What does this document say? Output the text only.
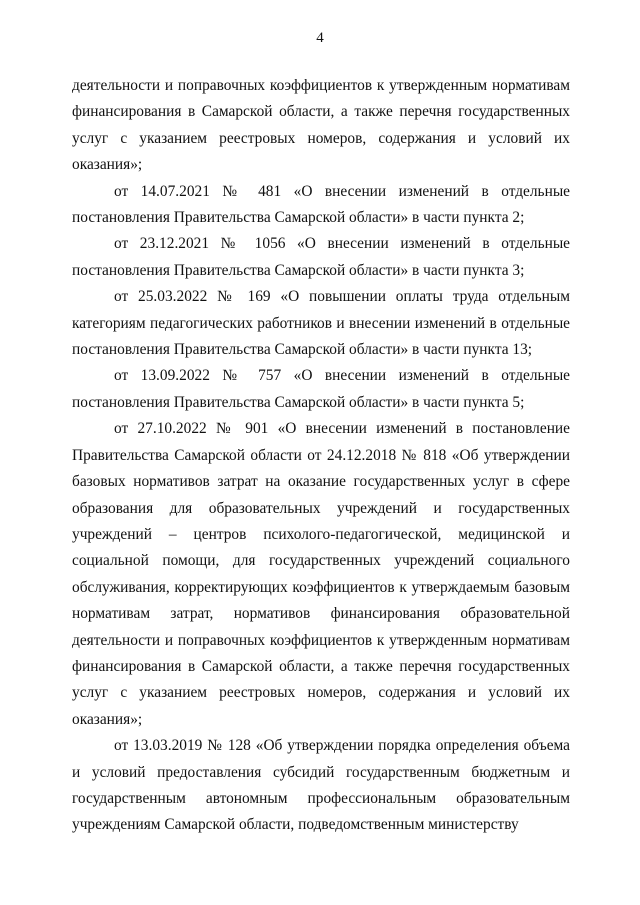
4

деятельности и поправочных коэффициентов к утвержденным нормативам финансирования в Самарской области, а также перечня государственных услуг с указанием реестровых номеров, содержания и условий их оказания»;

от 14.07.2021 № 481 «О внесении изменений в отдельные постановления Правительства Самарской области» в части пункта 2;

от 23.12.2021 № 1056 «О внесении изменений в отдельные постановления Правительства Самарской области» в части пункта 3;

от 25.03.2022 № 169 «О повышении оплаты труда отдельным категориям педагогических работников и внесении изменений в отдельные постановления Правительства Самарской области» в части пункта 13;

от 13.09.2022 № 757 «О внесении изменений в отдельные постановления Правительства Самарской области» в части пункта 5;

от 27.10.2022 № 901 «О внесении изменений в постановление Правительства Самарской области от 24.12.2018 № 818 «Об утверждении базовых нормативов затрат на оказание государственных услуг в сфере образования для образовательных учреждений и государственных учреждений – центров психолого-педагогической, медицинской и социальной помощи, для государственных учреждений социального обслуживания, корректирующих коэффициентов к утверждаемым базовым нормативам затрат, нормативов финансирования образовательной деятельности и поправочных коэффициентов к утвержденным нормативам финансирования в Самарской области, а также перечня государственных услуг с указанием реестровых номеров, содержания и условий их оказания»;

от 13.03.2019 № 128 «Об утверждении порядка определения объема и условий предоставления субсидий государственным бюджетным и государственным автономным профессиональным образовательным учреждениям Самарской области, подведомственным министерству
